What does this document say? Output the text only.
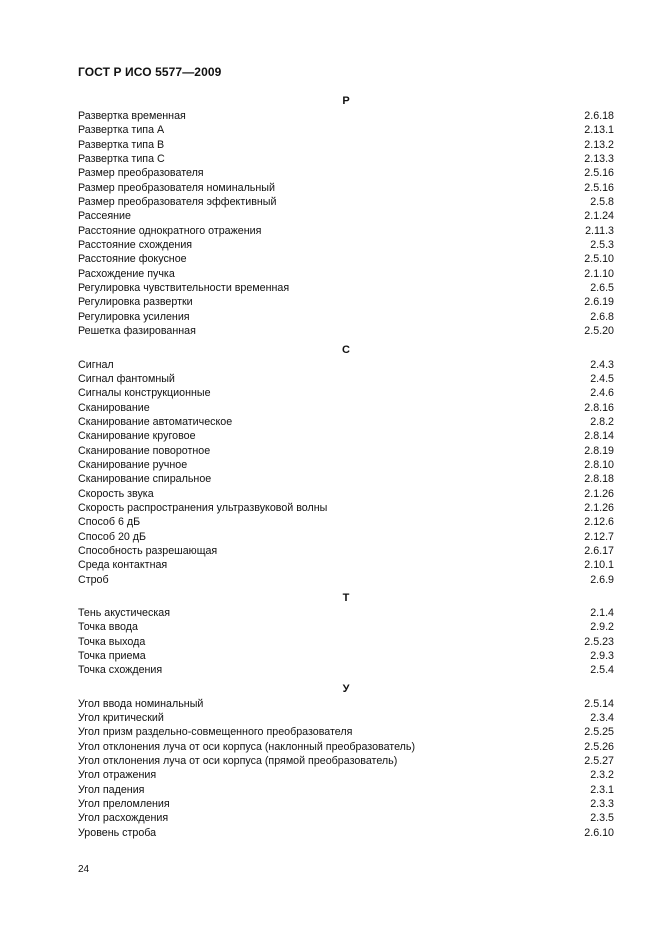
ГОСТ Р ИСО 5577—2009
Р
Развертка временная	2.6.18
Развертка типа А	2.13.1
Развертка типа В	2.13.2
Развертка типа С	2.13.3
Размер преобразователя	2.5.16
Размер преобразователя номинальный	2.5.16
Размер преобразователя эффективный	2.5.8
Рассеяние	2.1.24
Расстояние однократного отражения	2.11.3
Расстояние схождения	2.5.3
Расстояние фокусное	2.5.10
Расхождение пучка	2.1.10
Регулировка чувствительности временная	2.6.5
Регулировка развертки	2.6.19
Регулировка усиления	2.6.8
Решетка фазированная	2.5.20
С
Сигнал	2.4.3
Сигнал фантомный	2.4.5
Сигналы конструкционные	2.4.6
Сканирование	2.8.16
Сканирование автоматическое	2.8.2
Сканирование круговое	2.8.14
Сканирование поворотное	2.8.19
Сканирование ручное	2.8.10
Сканирование спиральное	2.8.18
Скорость звука	2.1.26
Скорость распространения ультразвуковой волны	2.1.26
Способ 6 дБ	2.12.6
Способ 20 дБ	2.12.7
Способность разрешающая	2.6.17
Среда контактная	2.10.1
Строб	2.6.9
Т
Тень акустическая	2.1.4
Точка ввода	2.9.2
Точка выхода	2.5.23
Точка приема	2.9.3
Точка схождения	2.5.4
У
Угол ввода номинальный	2.5.14
Угол критический	2.3.4
Угол призм раздельно-совмещенного преобразователя	2.5.25
Угол отклонения луча от оси корпуса (наклонный преобразователь)	2.5.26
Угол отклонения луча от оси корпуса (прямой преобразователь)	2.5.27
Угол отражения	2.3.2
Угол падения	2.3.1
Угол преломления	2.3.3
Угол расхождения	2.3.5
Уровень строба	2.6.10
24
